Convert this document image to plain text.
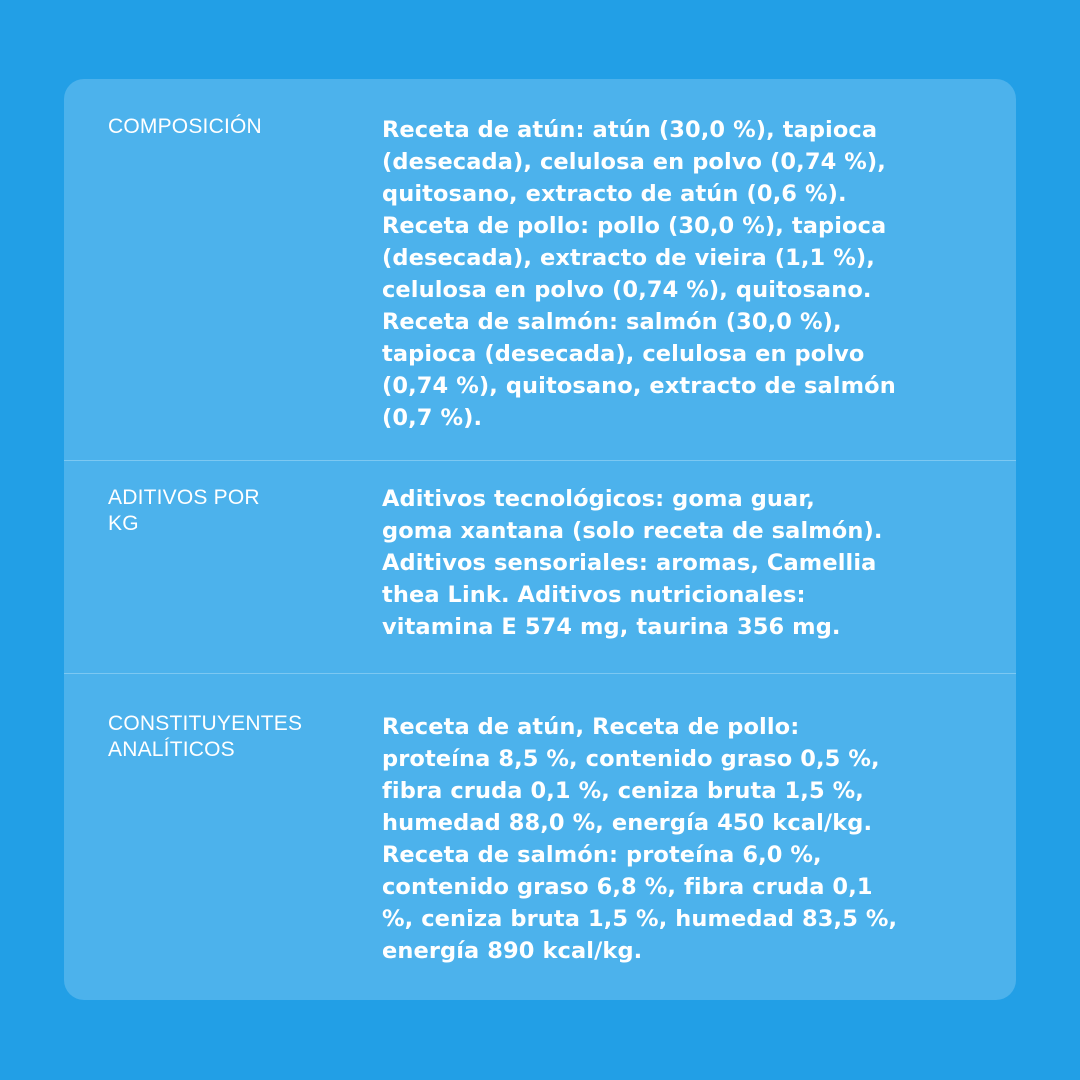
COMPOSICIÓN	Receta de atún: atún (30,0 %), tapioca
(desecada), celulosa en polvo (0,74 %),
quitosano, extracto de atún (0,6 %).
Receta de pollo: pollo (30,0 %), tapioca
(desecada), extracto de vieira (1,1 %),
celulosa en polvo (0,74 %), quitosano.
Receta de salmón: salmón (30,0 %),
tapioca (desecada), celulosa en polvo
(0,74 %), quitosano, extracto de salmón
(0,7 %).
ADITIVOS POR
KG
Aditivos tecnológicos: goma guar,
goma xantana (solo receta de salmón).
Aditivos sensoriales: aromas, Camellia
thea Link. Aditivos nutricionales:
vitamina E 574 mg, taurina 356 mg.
CONSTITUYENTES
ANALÍTICOS
Receta de atún, Receta de pollo:
proteína 8,5 %, contenido graso 0,5 %,
fibra cruda 0,1 %, ceniza bruta 1,5 %,
humedad 88,0 %, energía 450 kcal/kg.
Receta de salmón: proteína 6,0 %,
contenido graso 6,8 %, fibra cruda 0,1
%, ceniza bruta 1,5 %, humedad 83,5 %,
energía 890 kcal/kg.
